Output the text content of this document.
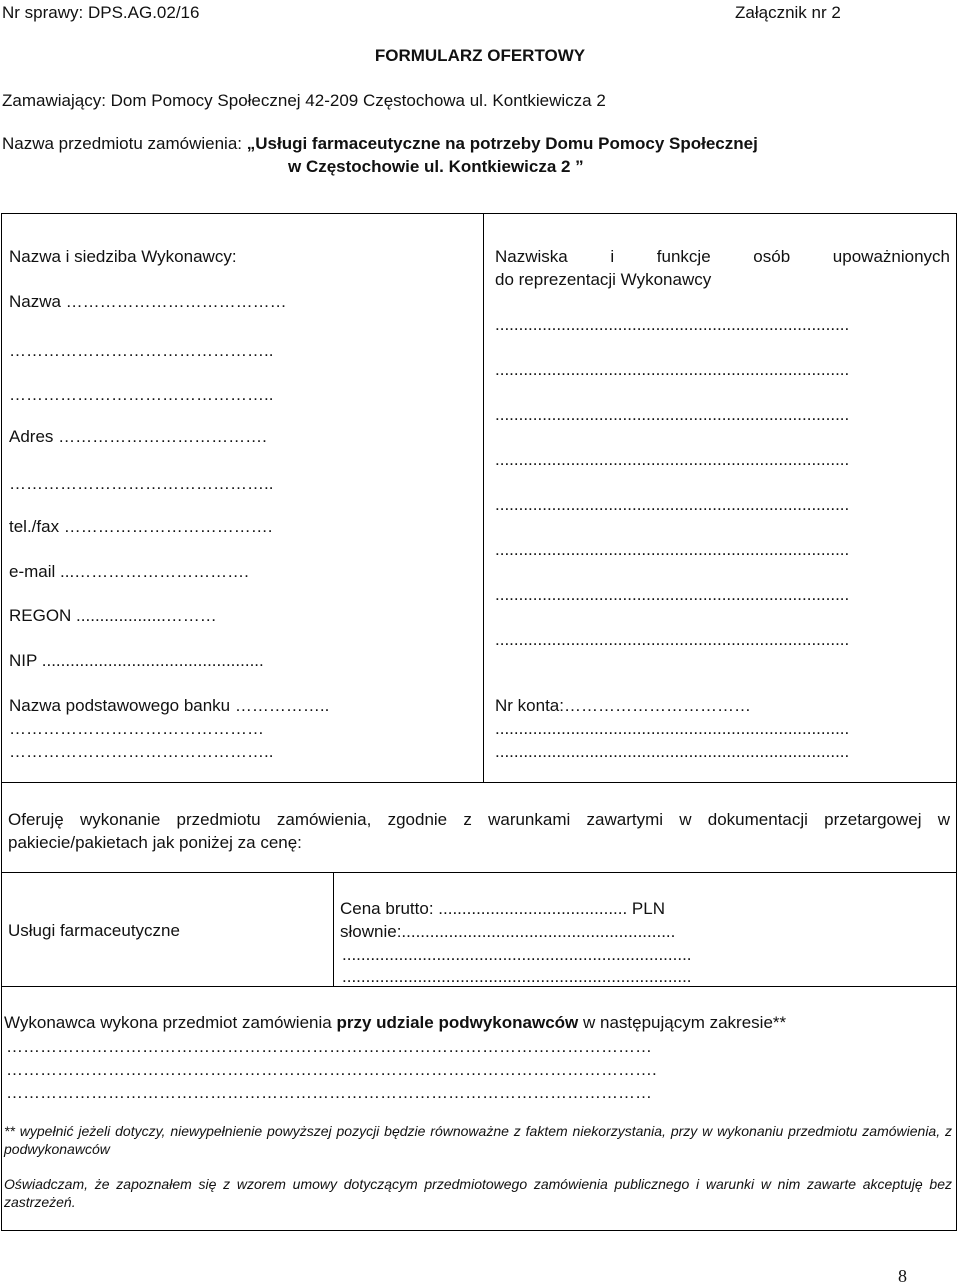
Nr sprawy: DPS.AG.02/16	Załącznik nr 2
FORMULARZ OFERTOWY
Zamawiający: Dom Pomocy Społecznej 42-209 Częstochowa ul. Kontkiewicza 2
Nazwa przedmiotu zamówienia: „Usługi farmaceutyczne na potrzeby Domu Pomocy Społecznej
w Częstochowie ul. Kontkiewicza 2 ”
Nazwa i siedziba Wykonawcy:
Nazwa …………………………………
………………………………………..
………………………………………..
Adres ……………………………….
………………………………………..
tel./fax ……………………………….
e-mail ...………………………….
REGON ...................………
NIP ...............................................
Nazwa podstawowego banku ……………..
………………………………………
………………………………………..
Nazwiska i funkcje osób upoważnionych
do reprezentacji Wykonawcy
...........................................................................
...........................................................................
...........................................................................
...........................................................................
...........................................................................
...........................................................................
...........................................................................
...........................................................................
Nr konta:……………………………
...........................................................................
...........................................................................
Oferuję wykonanie przedmiotu zamówienia, zgodnie z warunkami zawartymi w dokumentacji przetargowej w pakiecie/pakietach jak poniżej za cenę:
Usługi farmaceutyczne
Cena brutto: ........................................ PLN
słownie:..........................................................
..........................................................................
..........................................................................
Wykonawca wykona przedmiot zamówienia przy udziale podwykonawców w następującym zakresie**
……………………………………………………………………………………………………
…………………………………………………………………………………………………….
……………………………………………………………………………………………………
** wypełnić jeżeli dotyczy, niewypełnienie powyższej pozycji będzie równoważne z faktem niekorzystania, przy w wykonaniu przedmiotu zamówienia, z podwykonawców
Oświadczam, że zapoznałem się z wzorem umowy dotyczącym przedmiotowego zamówienia publicznego i warunki w nim zawarte akceptuję bez zastrzeżeń.
8
